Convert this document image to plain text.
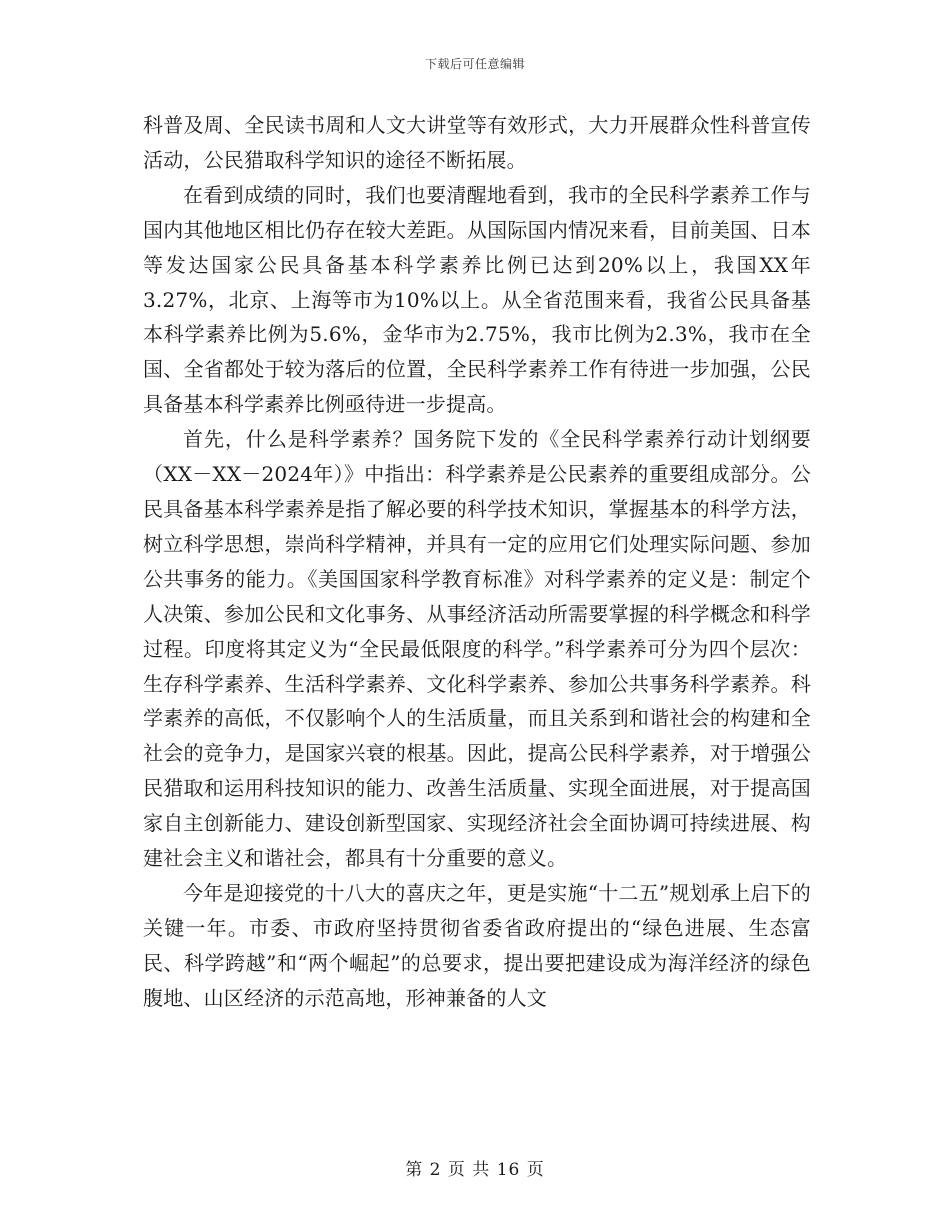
下载后可任意编辑

科普及周、全民读书周和人文大讲堂等有效形式，大力开展群众性科普宣传活动，公民猎取科学知识的途径不断拓展。

在看到成绩的同时，我们也要清醒地看到，我市的全民科学素养工作与国内其他地区相比仍存在较大差距。从国际国内情况来看，目前美国、日本等发达国家公民具备基本科学素养比例已达到20%以上，我国XX年3.27%，北京、上海等市为10%以上。从全省范围来看，我省公民具备基本科学素养比例为5.6%，金华市为2.75%，我市比例为2.3%，我市在全国、全省都处于较为落后的位置，全民科学素养工作有待进一步加强，公民具备基本科学素养比例亟待进一步提高。

首先，什么是科学素养？国务院下发的《全民科学素养行动计划纲要（XX－XX－2024年）》中指出：科学素养是公民素养的重要组成部分。公民具备基本科学素养是指了解必要的科学技术知识，掌握基本的科学方法，树立科学思想，崇尚科学精神，并具有一定的应用它们处理实际问题、参加公共事务的能力。《美国国家科学教育标准》对科学素养的定义是：制定个人决策、参加公民和文化事务、从事经济活动所需要掌握的科学概念和科学过程。印度将其定义为“全民最低限度的科学。”科学素养可分为四个层次：生存科学素养、生活科学素养、文化科学素养、参加公共事务科学素养。科学素养的高低，不仅影响个人的生活质量，而且关系到和谐社会的构建和全社会的竞争力，是国家兴衰的根基。因此，提高公民科学素养，对于增强公民猎取和运用科技知识的能力、改善生活质量、实现全面进展，对于提高国家自主创新能力、建设创新型国家、实现经济社会全面协调可持续进展、构建社会主义和谐社会，都具有十分重要的意义。

今年是迎接党的十八大的喜庆之年，更是实施“十二五”规划承上启下的关键一年。市委、市政府坚持贯彻省委省政府提出的“绿色进展、生态富民、科学跨越”和“两个崛起”的总要求，提出要把建设成为海洋经济的绿色腹地、山区经济的示范高地，形神兼备的人文

第 2 页 共 16 页
